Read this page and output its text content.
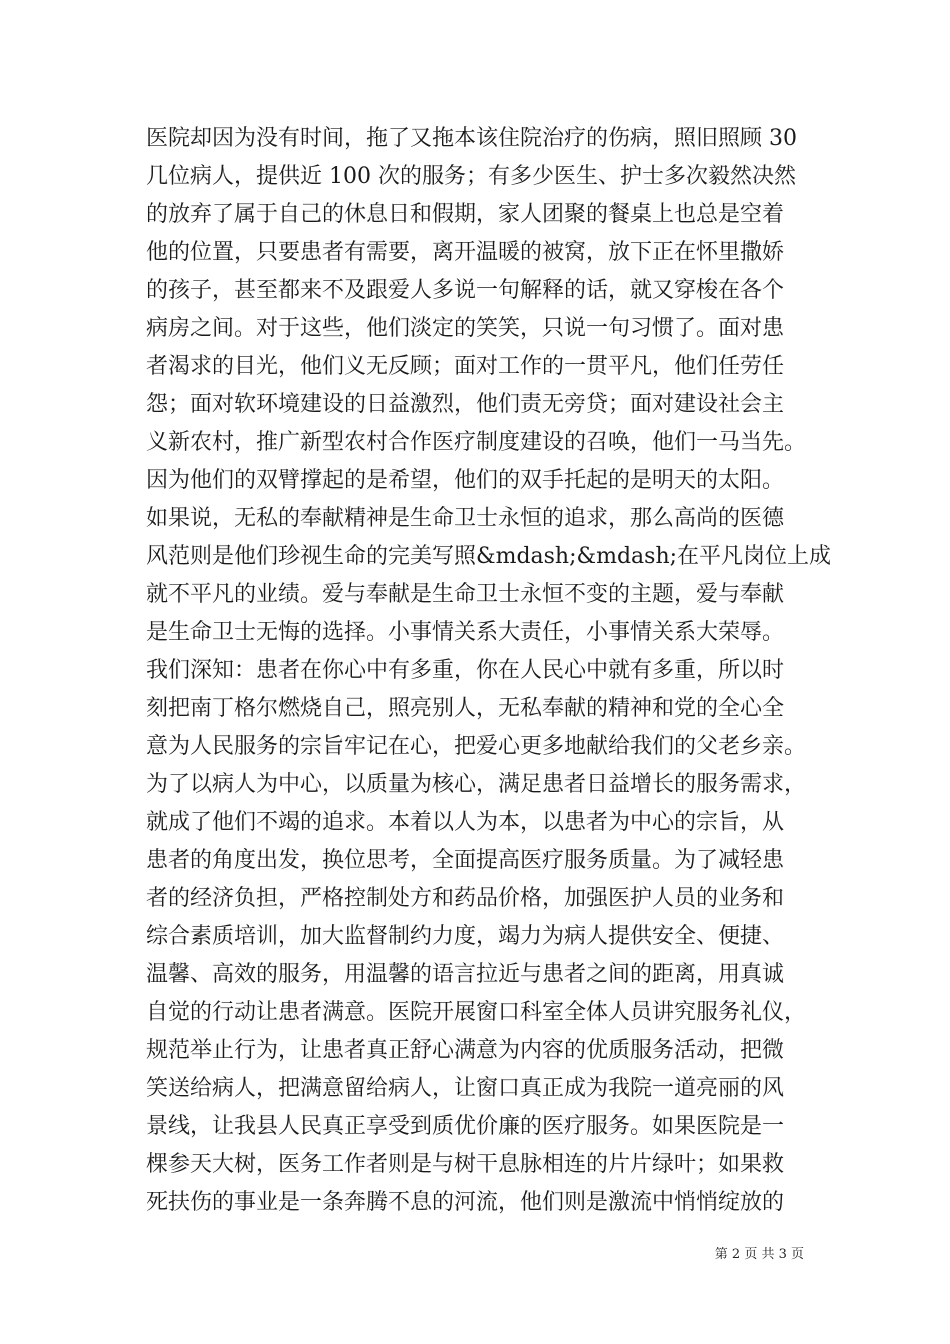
医院却因为没有时间，拖了又拖本该住院治疗的伤病，照旧照顾 30
几位病人，提供近 100 次的服务；有多少医生、护士多次毅然决然
的放弃了属于自己的休息日和假期，家人团聚的餐桌上也总是空着
他的位置，只要患者有需要，离开温暖的被窝，放下正在怀里撒娇
的孩子，甚至都来不及跟爱人多说一句解释的话，就又穿梭在各个
病房之间。对于这些，他们淡定的笑笑，只说一句习惯了。面对患
者渴求的目光，他们义无反顾；面对工作的一贯平凡，他们任劳任
怨；面对软环境建设的日益激烈，他们责无旁贷；面对建设社会主
义新农村，推广新型农村合作医疗制度建设的召唤，他们一马当先。
因为他们的双臂撑起的是希望，他们的双手托起的是明天的太阳。
如果说，无私的奉献精神是生命卫士永恒的追求，那么高尚的医德
风范则是他们珍视生命的完美写照&mdash;&mdash;在平凡岗位上成
就不平凡的业绩。爱与奉献是生命卫士永恒不变的主题，爱与奉献
是生命卫士无悔的选择。小事情关系大责任，小事情关系大荣辱。
我们深知：患者在你心中有多重，你在人民心中就有多重，所以时
刻把南丁格尔燃烧自己，照亮别人，无私奉献的精神和党的全心全
意为人民服务的宗旨牢记在心，把爱心更多地献给我们的父老乡亲。
为了以病人为中心，以质量为核心，满足患者日益增长的服务需求，
就成了他们不竭的追求。本着以人为本，以患者为中心的宗旨，从
患者的角度出发，换位思考，全面提高医疗服务质量。为了减轻患
者的经济负担，严格控制处方和药品价格，加强医护人员的业务和
综合素质培训，加大监督制约力度，竭力为病人提供安全、便捷、
温馨、高效的服务，用温馨的语言拉近与患者之间的距离，用真诚
自觉的行动让患者满意。医院开展窗口科室全体人员讲究服务礼仪，
规范举止行为，让患者真正舒心满意为内容的优质服务活动，把微
笑送给病人，把满意留给病人，让窗口真正成为我院一道亮丽的风
景线，让我县人民真正享受到质优价廉的医疗服务。如果医院是一
棵参天大树，医务工作者则是与树干息脉相连的片片绿叶；如果救
死扶伤的事业是一条奔腾不息的河流，他们则是激流中悄悄绽放的
第 2 页 共 3 页
